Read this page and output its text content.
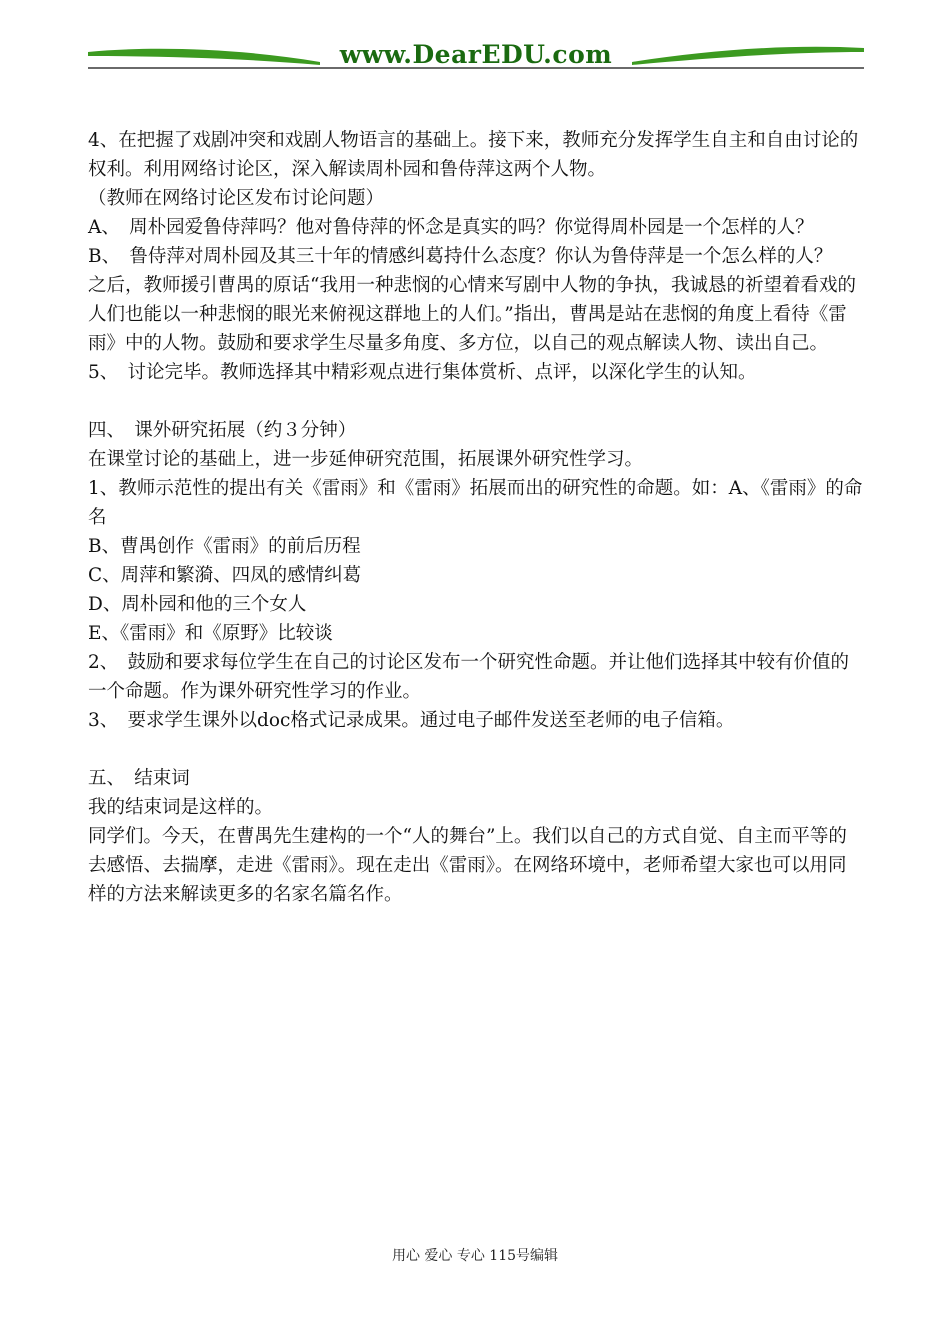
www.DearEDU.com

4、在把握了戏剧冲突和戏剧人物语言的基础上。接下来，教师充分发挥学生自主和自由讨论的权利。利用网络讨论区，深入解读周朴园和鲁侍萍这两个人物。

（教师在网络讨论区发布讨论问题）

A、　周朴园爱鲁侍萍吗？他对鲁侍萍的怀念是真实的吗？你觉得周朴园是一个怎样的人？

B、　鲁侍萍对周朴园及其三十年的情感纠葛持什么态度？你认为鲁侍萍是一个怎么样的人？

之后，教师援引曹禺的原话“我用一种悲悯的心情来写剧中人物的争执，我诚恳的祈望着看戏的人们也能以一种悲悯的眼光来俯视这群地上的人们。”指出，曹禺是站在悲悯的角度上看待《雷雨》中的人物。鼓励和要求学生尽量多角度、多方位，以自己的观点解读人物、读出自己。

5、　讨论完毕。教师选择其中精彩观点进行集体赏析、点评，以深化学生的认知。

四、　课外研究拓展（约３分钟）

在课堂讨论的基础上，进一步延伸研究范围，拓展课外研究性学习。

1、教师示范性的提出有关《雷雨》和《雷雨》拓展而出的研究性的命题。如：A、《雷雨》的命名

B、曹禺创作《雷雨》的前后历程

C、周萍和繁漪、四凤的感情纠葛

D、周朴园和他的三个女人

E、《雷雨》和《原野》比较谈

2、　鼓励和要求每位学生在自己的讨论区发布一个研究性命题。并让他们选择其中较有价值的一个命题。作为课外研究性学习的作业。

3、　要求学生课外以doc格式记录成果。通过电子邮件发送至老师的电子信箱。

五、　结束词

我的结束词是这样的。

同学们。今天，在曹禺先生建构的一个“人的舞台”上。我们以自己的方式自觉、自主而平等的去感悟、去揣摩，走进《雷雨》。现在走出《雷雨》。在网络环境中，老师希望大家也可以用同样的方法来解读更多的名家名篇名作。

用心 爱心 专心 115号编辑
